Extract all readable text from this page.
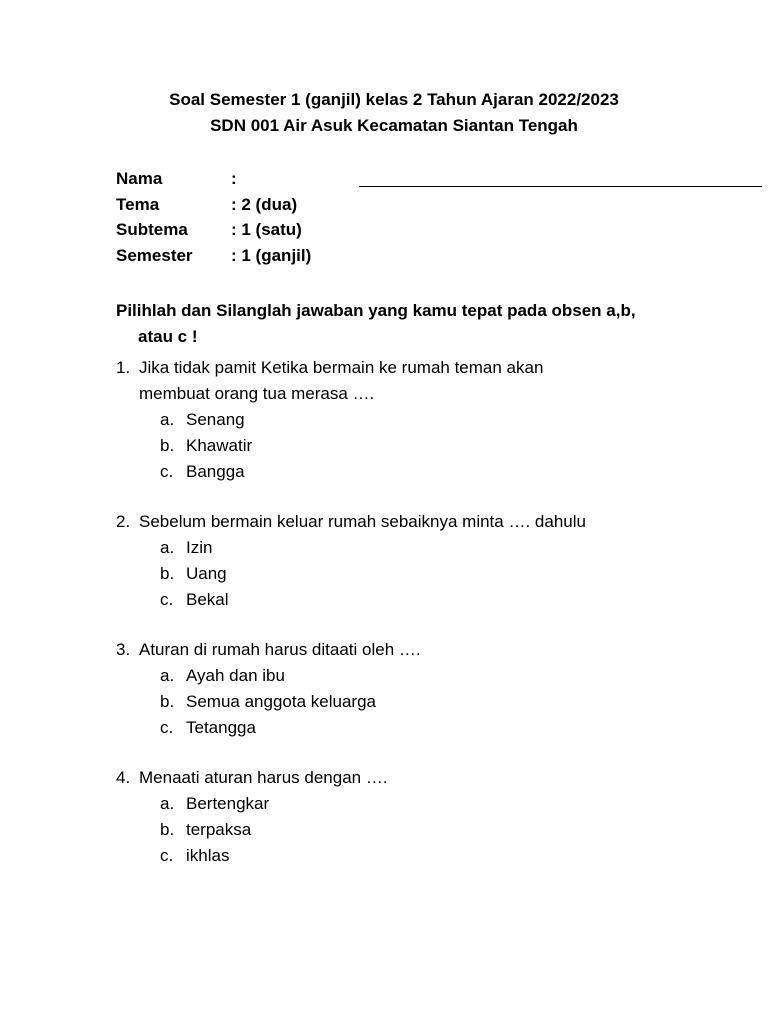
Soal Semester 1 (ganjil) kelas 2 Tahun Ajaran 2022/2023
SDN 001 Air Asuk Kecamatan Siantan Tengah
Nama	:
Tema	: 2 (dua)
Subtema	: 1 (satu)
Semester : 1 (ganjil)
Pilihlah dan Silanglah jawaban yang kamu tepat pada obsen a,b,
atau c !
1. Jika tidak pamit Ketika bermain ke rumah teman akan
membuat orang tua merasa ….
a. Senang
b. Khawatir
c. Bangga
2. Sebelum bermain keluar rumah sebaiknya minta …. dahulu
a. Izin
b. Uang
c. Bekal
3. Aturan di rumah harus ditaati oleh ….
a. Ayah dan ibu
b. Semua anggota keluarga
c. Tetangga
4. Menaati aturan harus dengan ….
a. Bertengkar
b. terpaksa
c. ikhlas
